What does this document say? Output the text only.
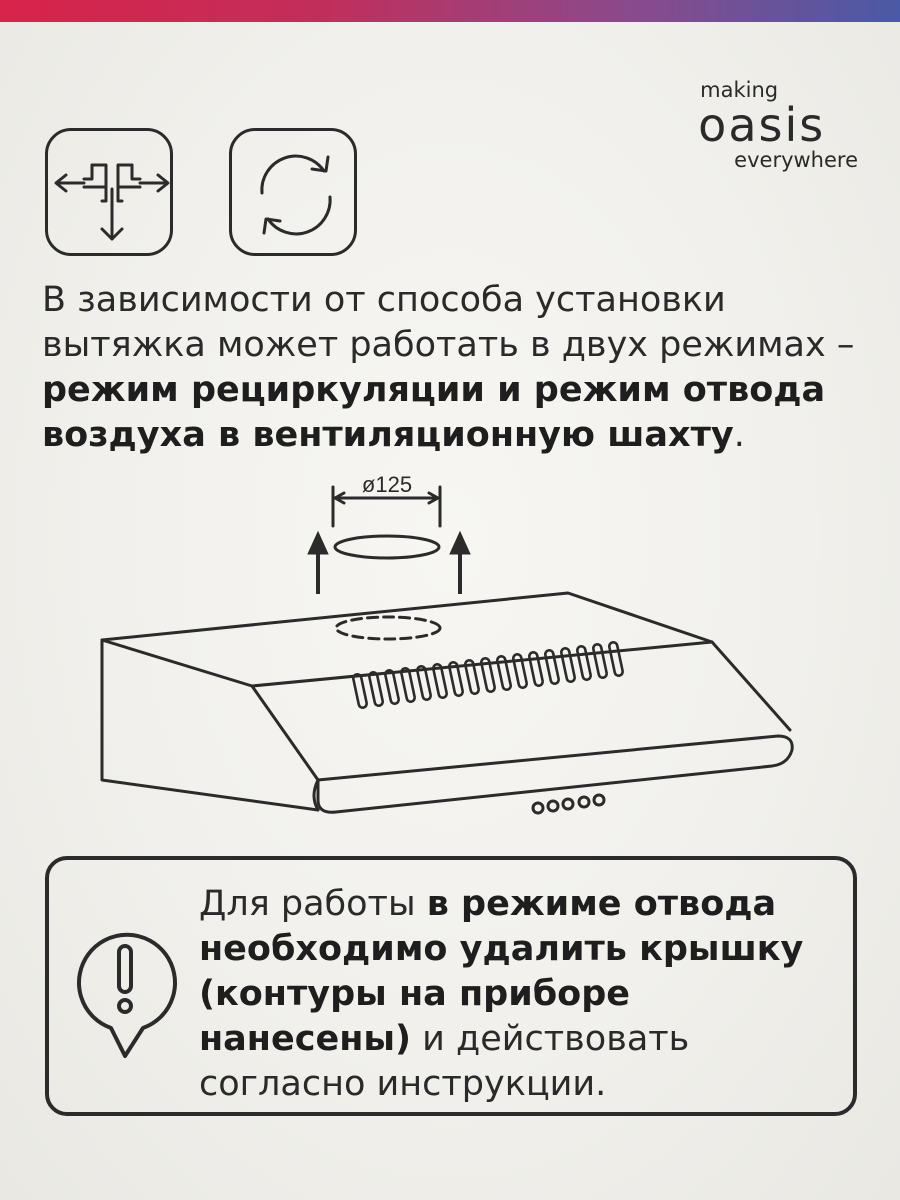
making
oasis
everywhere
В зависимости от способа установки вытяжка может работать в двух режимах – режим рециркуляции и режим отвода воздуха в вентиляционную шахту.
ø125
Для работы в режиме отвода необходимо удалить крышку (контуры на приборе нанесены) и действовать согласно инструкции.
